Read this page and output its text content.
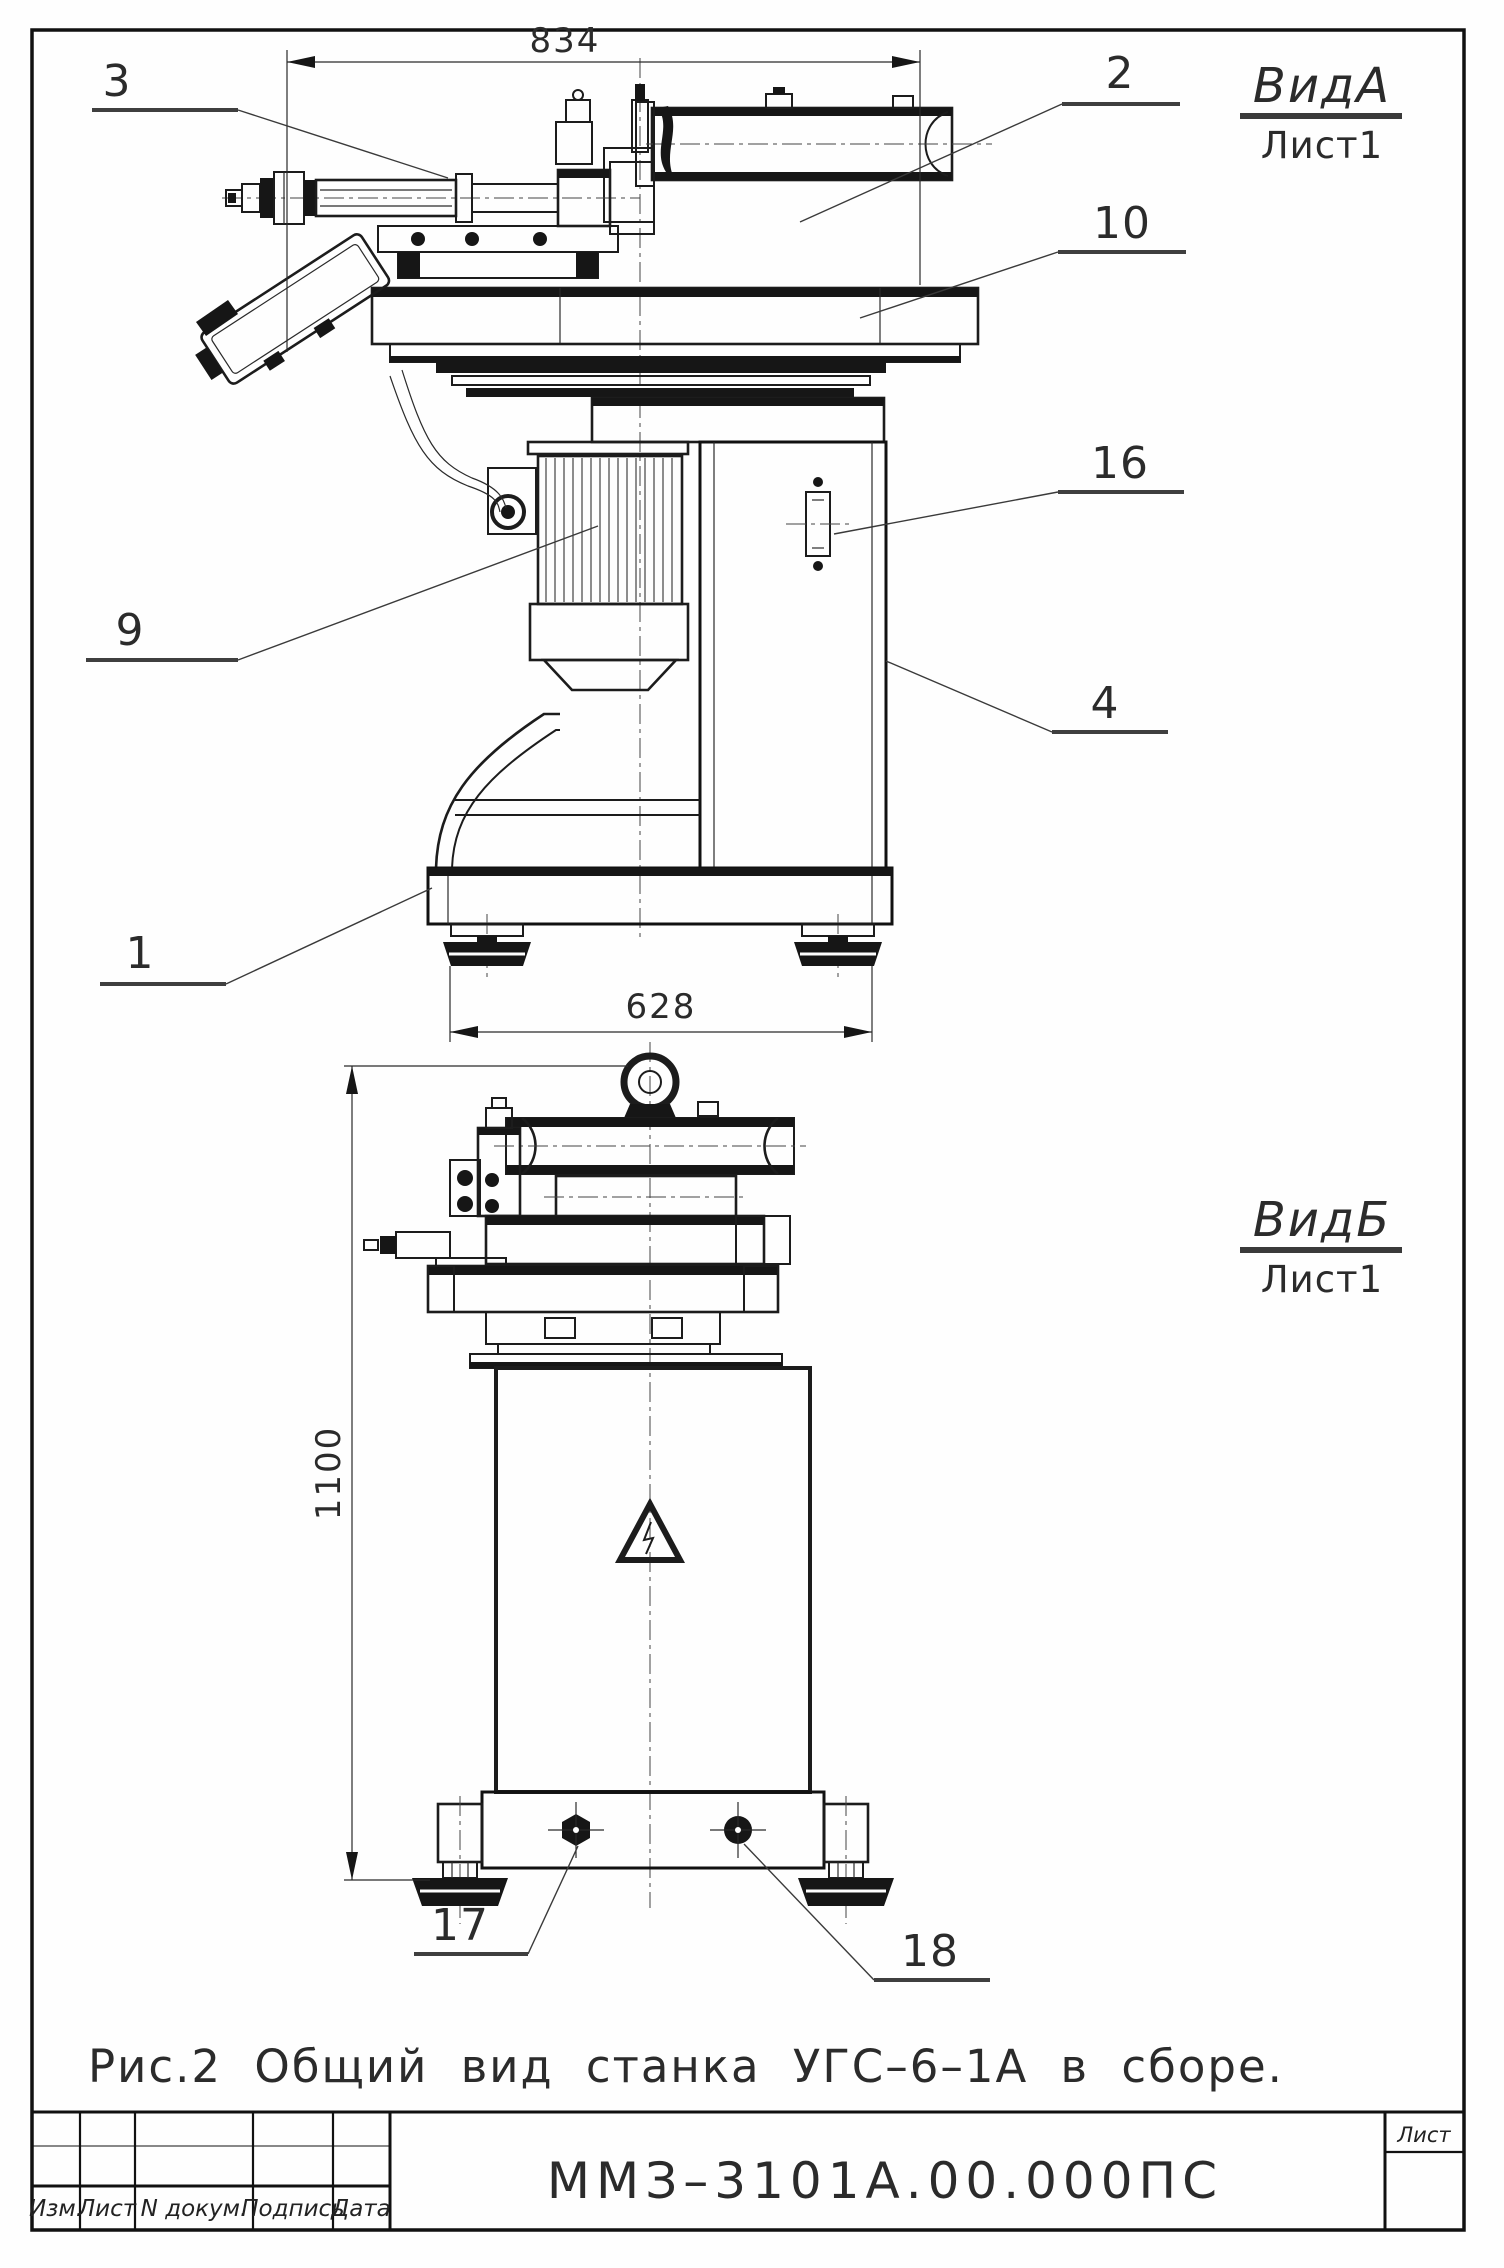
834
628
3	2
10
16
4
9
1
ВидА
Лист1
1100
17
18
ВидБ
Лист1
Рис.2 Общий вид станка УГС–6–1А в сборе.
Изм.
Лист N докум.
Подпись
Дата	ММЗ–3101А.00.000ПС
Лист
